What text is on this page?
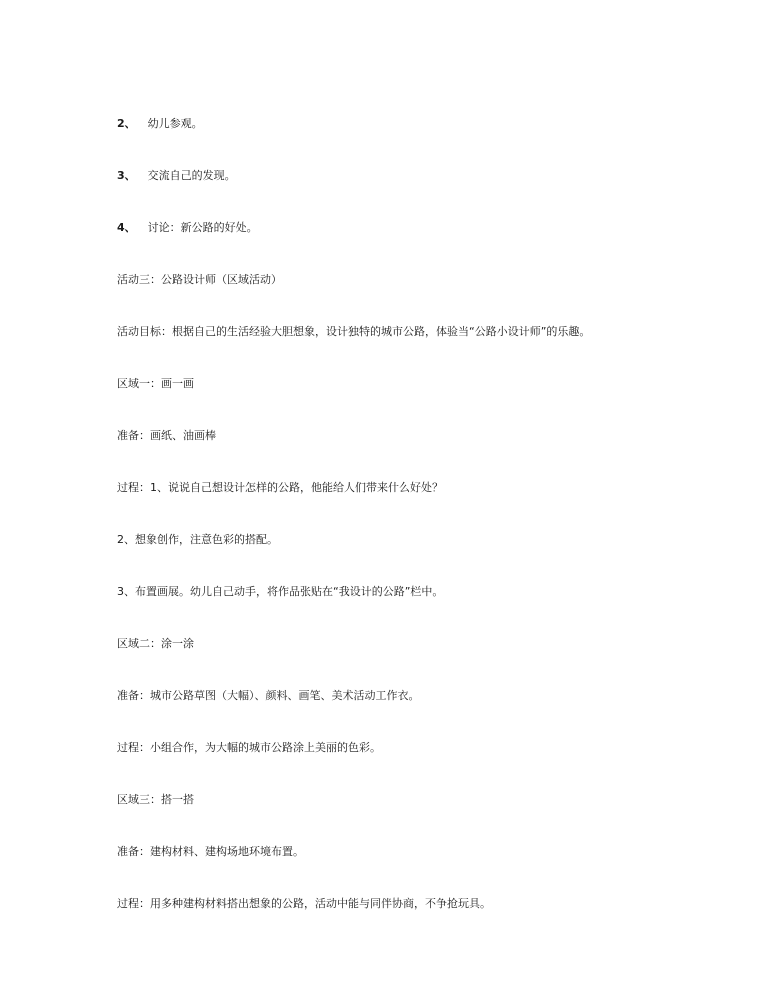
2、 幼儿参观。
3、 交流自己的发现。
4、 讨论：新公路的好处。
活动三：公路设计师（区域活动）
活动目标：根据自己的生活经验大胆想象，设计独特的城市公路，体验当“公路小设计师”的乐趣。
区域一：画一画
准备：画纸、油画棒
过程：1、说说自己想设计怎样的公路，他能给人们带来什么好处？
2、想象创作，注意色彩的搭配。
3、布置画展。幼儿自己动手，将作品张贴在“我设计的公路”栏中。
区域二：涂一涂
准备：城市公路草图（大幅）、颜料、画笔、美术活动工作衣。
过程：小组合作，为大幅的城市公路涂上美丽的色彩。
区域三：搭一搭
准备：建构材料、建构场地环境布置。
过程：用多种建构材料搭出想象的公路，活动中能与同伴协商，不争抢玩具。
